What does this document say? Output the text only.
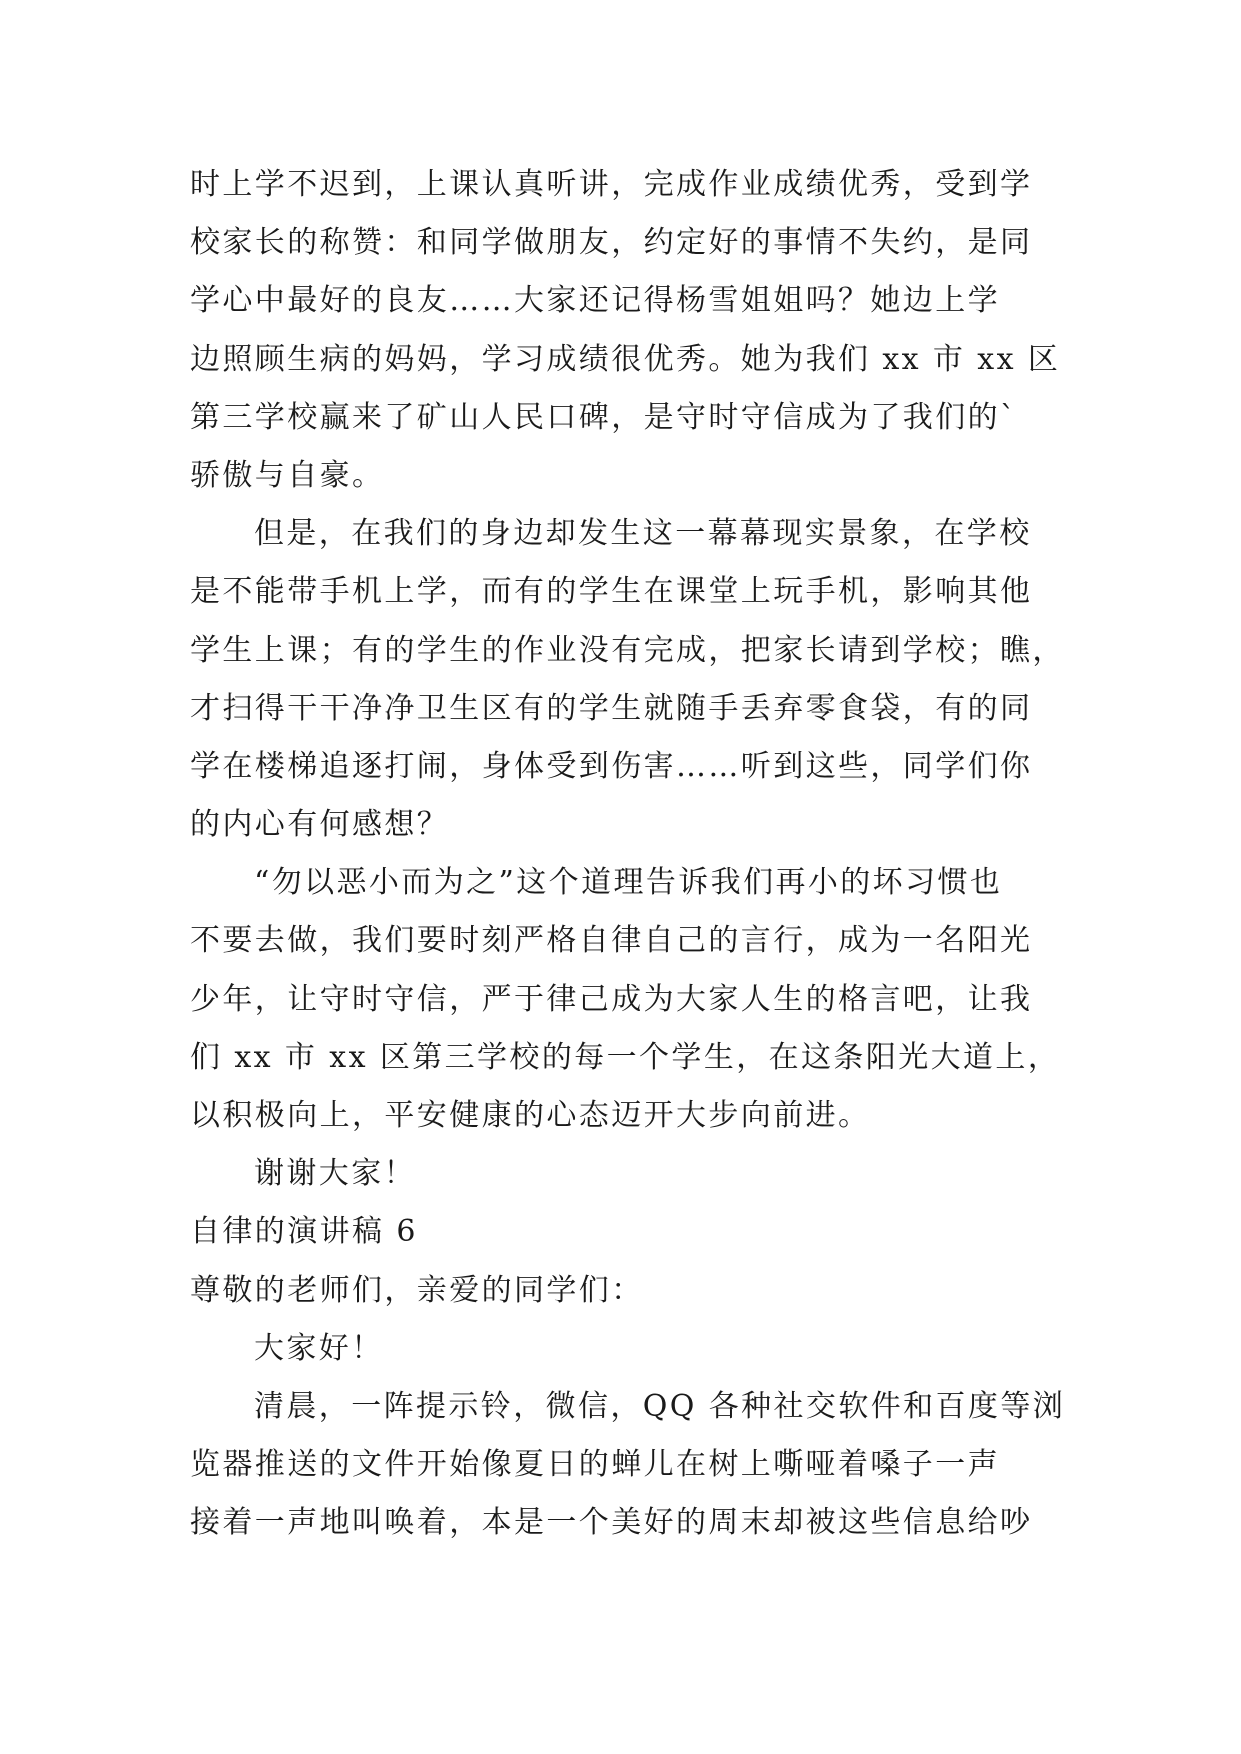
时上学不迟到，上课认真听讲，完成作业成绩优秀，受到学
校家长的称赞：和同学做朋友，约定好的事情不失约，是同
学心中最好的良友……大家还记得杨雪姐姐吗？她边上学
边照顾生病的妈妈，学习成绩很优秀。她为我们 xx 市 xx 区
第三学校赢来了矿山人民口碑，是守时守信成为了我们的`
骄傲与自豪。
但是，在我们的身边却发生这一幕幕现实景象，在学校
是不能带手机上学，而有的学生在课堂上玩手机，影响其他
学生上课；有的学生的作业没有完成，把家长请到学校；瞧，
才扫得干干净净卫生区有的学生就随手丢弃零食袋，有的同
学在楼梯追逐打闹，身体受到伤害……听到这些，同学们你
的内心有何感想？
“勿以恶小而为之”这个道理告诉我们再小的坏习惯也
不要去做，我们要时刻严格自律自己的言行，成为一名阳光
少年，让守时守信，严于律己成为大家人生的格言吧，让我
们 xx 市 xx 区第三学校的每一个学生，在这条阳光大道上，
以积极向上，平安健康的心态迈开大步向前进。
谢谢大家！
自律的演讲稿 6
尊敬的老师们，亲爱的同学们：
大家好！
清晨，一阵提示铃，微信，QQ 各种社交软件和百度等浏
览器推送的文件开始像夏日的蝉儿在树上嘶哑着嗓子一声
接着一声地叫唤着，本是一个美好的周末却被这些信息给吵
